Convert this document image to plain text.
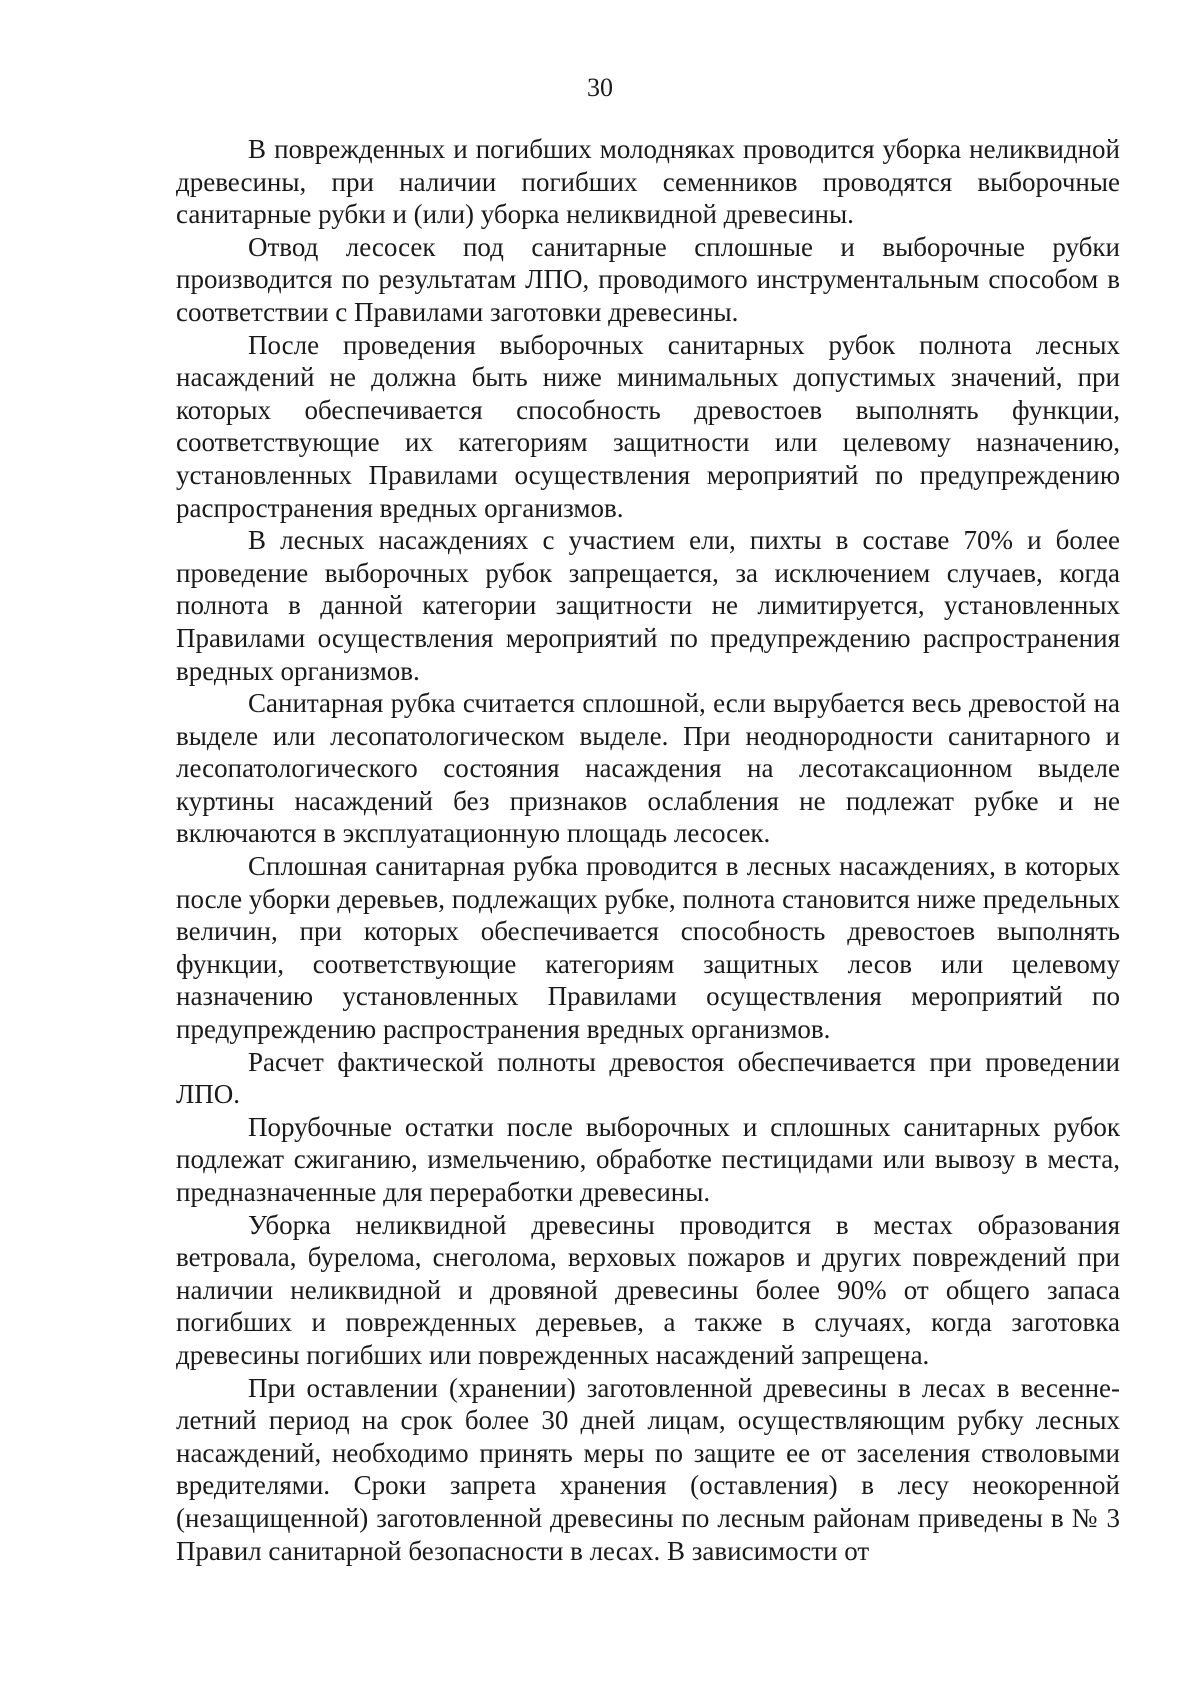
30

В поврежденных и погибших молодняках проводится уборка неликвидной древесины, при наличии погибших семенников проводятся выборочные санитарные рубки и (или) уборка неликвидной древесины.

Отвод лесосек под санитарные сплошные и выборочные рубки производится по результатам ЛПО, проводимого инструментальным способом в соответствии с Правилами заготовки древесины.

После проведения выборочных санитарных рубок полнота лесных насаждений не должна быть ниже минимальных допустимых значений, при которых обеспечивается способность древостоев выполнять функции, соответствующие их категориям защитности или целевому назначению, установленных Правилами осуществления мероприятий по предупреждению распространения вредных организмов.

В лесных насаждениях с участием ели, пихты в составе 70% и более проведение выборочных рубок запрещается, за исключением случаев, когда полнота в данной категории защитности не лимитируется, установленных Правилами осуществления мероприятий по предупреждению распространения вредных организмов.

Санитарная рубка считается сплошной, если вырубается весь древостой на выделе или лесопатологическом выделе. При неоднородности санитарного и лесопатологического состояния насаждения на лесотаксационном выделе куртины насаждений без признаков ослабления не подлежат рубке и не включаются в эксплуатационную площадь лесосек.

Сплошная санитарная рубка проводится в лесных насаждениях, в которых после уборки деревьев, подлежащих рубке, полнота становится ниже предельных величин, при которых обеспечивается способность древостоев выполнять функции, соответствующие категориям защитных лесов или целевому назначению установленных Правилами осуществления мероприятий по предупреждению распространения вредных организмов.

Расчет фактической полноты древостоя обеспечивается при проведении ЛПО.

Порубочные остатки после выборочных и сплошных санитарных рубок подлежат сжиганию, измельчению, обработке пестицидами или вывозу в места, предназначенные для переработки древесины.

Уборка неликвидной древесины проводится в местах образования ветровала, бурелома, снеголома, верховых пожаров и других повреждений при наличии неликвидной и дровяной древесины более 90% от общего запаса погибших и поврежденных деревьев, а также в случаях, когда заготовка древесины погибших или поврежденных насаждений запрещена.

При оставлении (хранении) заготовленной древесины в лесах в весенне-летний период на срок более 30 дней лицам, осуществляющим рубку лесных насаждений, необходимо принять меры по защите ее от заселения стволовыми вредителями. Сроки запрета хранения (оставления) в лесу неокоренной (незащищенной) заготовленной древесины по лесным районам приведены в № 3 Правил санитарной безопасности в лесах. В зависимости от
